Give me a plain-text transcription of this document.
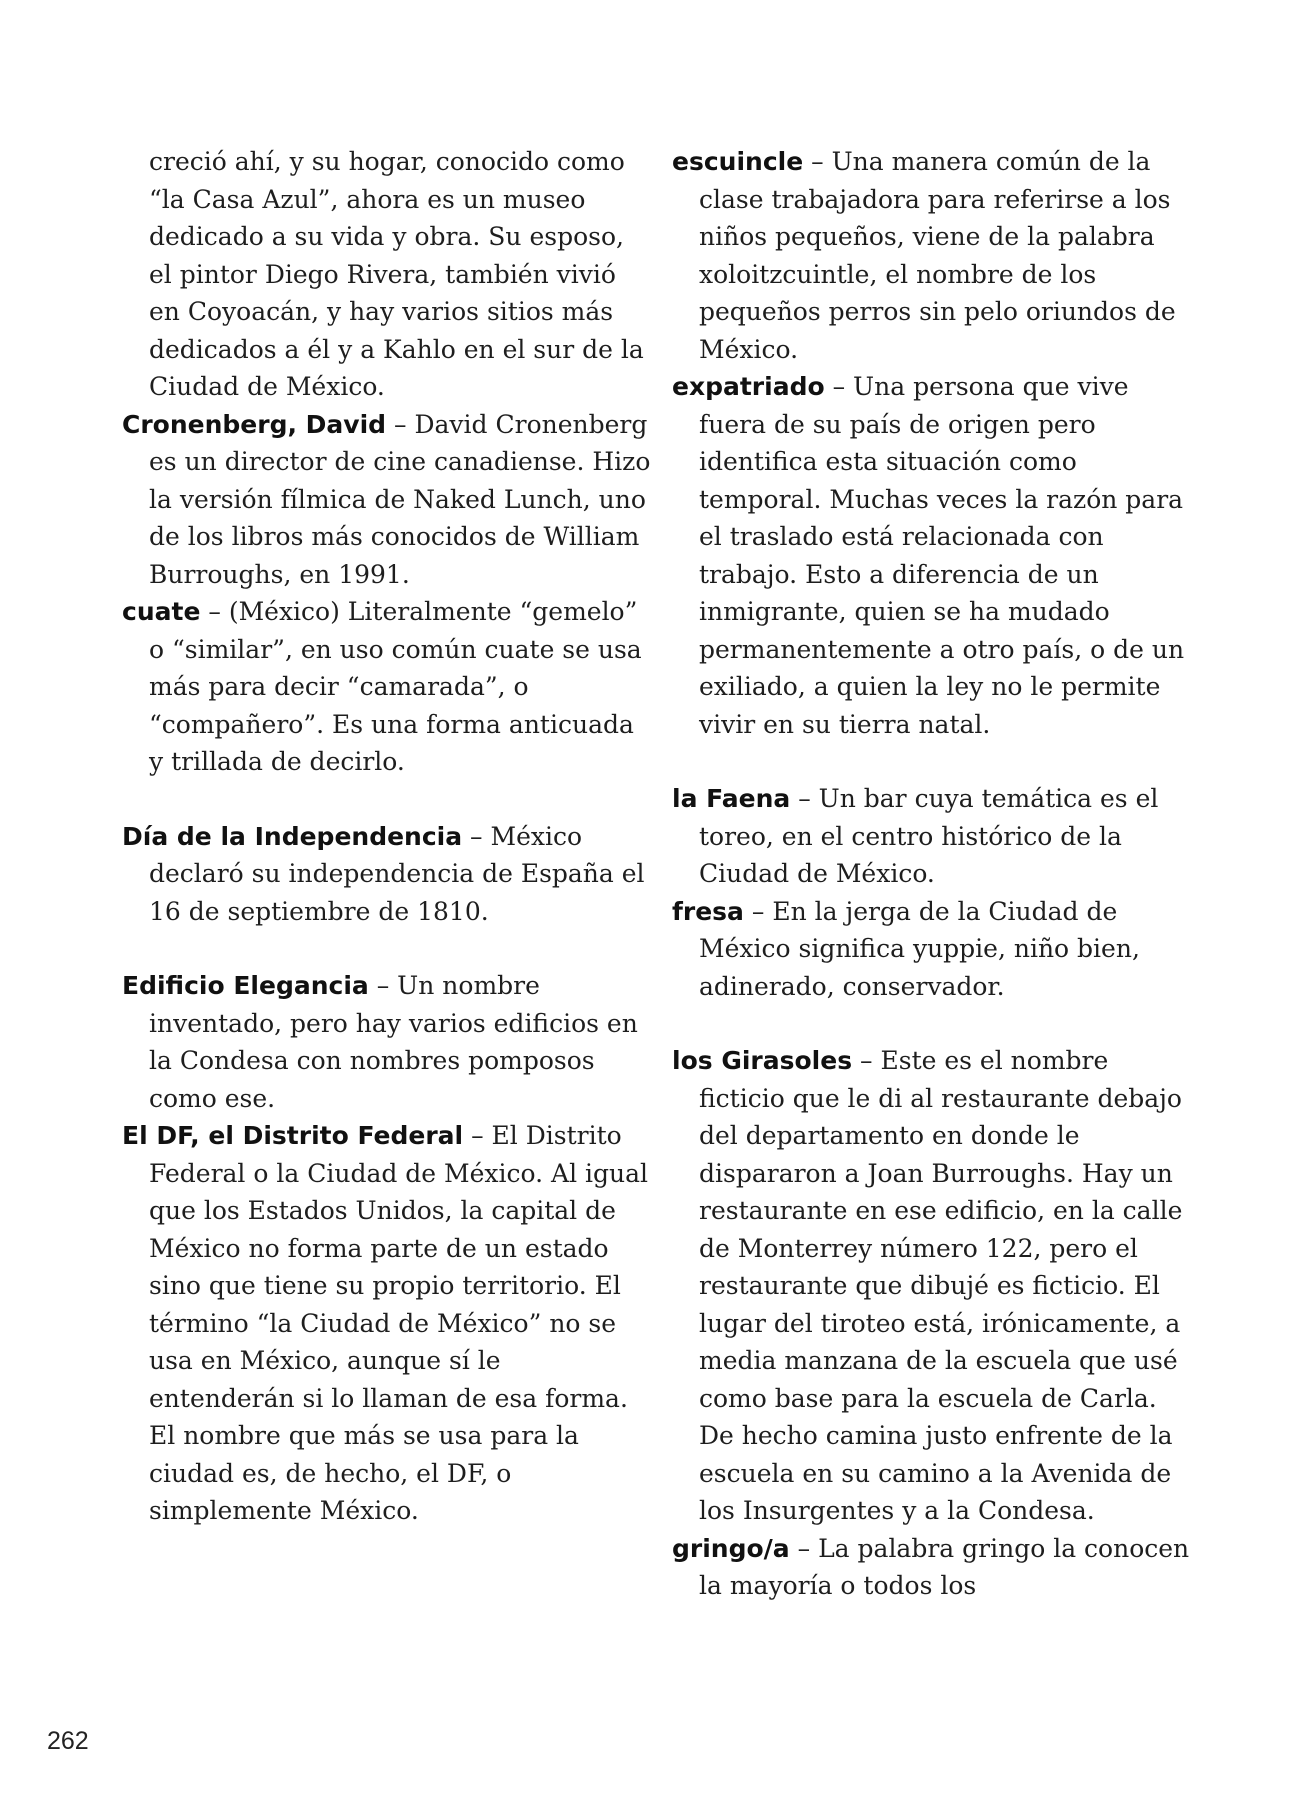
creció ahí, y su hogar, conocido como “la Casa Azul”, ahora es un museo dedicado a su vida y obra. Su esposo, el pintor Diego Rivera, también vivió en Coyoacán, y hay varios sitios más dedicados a él y a Kahlo en el sur de la Ciudad de México.

Cronenberg, David – David Cronenberg es un director de cine canadiense. Hizo la versión fílmica de Naked Lunch, uno de los libros más conocidos de William Burroughs, en 1991.

cuate – (México) Literalmente “gemelo” o “similar”, en uso común cuate se usa más para decir “camarada”, o “compañero”. Es una forma anticuada y trillada de decirlo.

Día de la Independencia – México declaró su independencia de España el 16 de septiembre de 1810.

Edificio Elegancia – Un nombre inventado, pero hay varios edificios en la Condesa con nombres pomposos como ese.

El DF, el Distrito Federal – El Distrito Federal o la Ciudad de México. Al igual que los Estados Unidos, la capital de México no forma parte de un estado sino que tiene su propio territorio. El término “la Ciudad de México” no se usa en México, aunque sí le entenderán si lo llaman de esa forma. El nombre que más se usa para la ciudad es, de hecho, el DF, o simplemente México.

escuincle – Una manera común de la clase trabajadora para referirse a los niños pequeños, viene de la palabra xoloitzcuintle, el nombre de los pequeños perros sin pelo oriundos de México.

expatriado – Una persona que vive fuera de su país de origen pero identifica esta situación como temporal. Muchas veces la razón para el traslado está relacionada con trabajo. Esto a diferencia de un inmigrante, quien se ha mudado permanentemente a otro país, o de un exiliado, a quien la ley no le permite vivir en su tierra natal.

la Faena – Un bar cuya temática es el toreo, en el centro histórico de la Ciudad de México.

fresa – En la jerga de la Ciudad de México significa yuppie, niño bien, adinerado, conservador.

los Girasoles – Este es el nombre ficticio que le di al restaurante debajo del departamento en donde le dispararon a Joan Burroughs. Hay un restaurante en ese edificio, en la calle de Monterrey número 122, pero el restaurante que dibujé es ficticio. El lugar del tiroteo está, irónicamente, a media manzana de la escuela que usé como base para la escuela de Carla. De hecho camina justo enfrente de la escuela en su camino a la Avenida de los Insurgentes y a la Condesa.

gringo/a – La palabra gringo la conocen la mayoría o todos los

262
